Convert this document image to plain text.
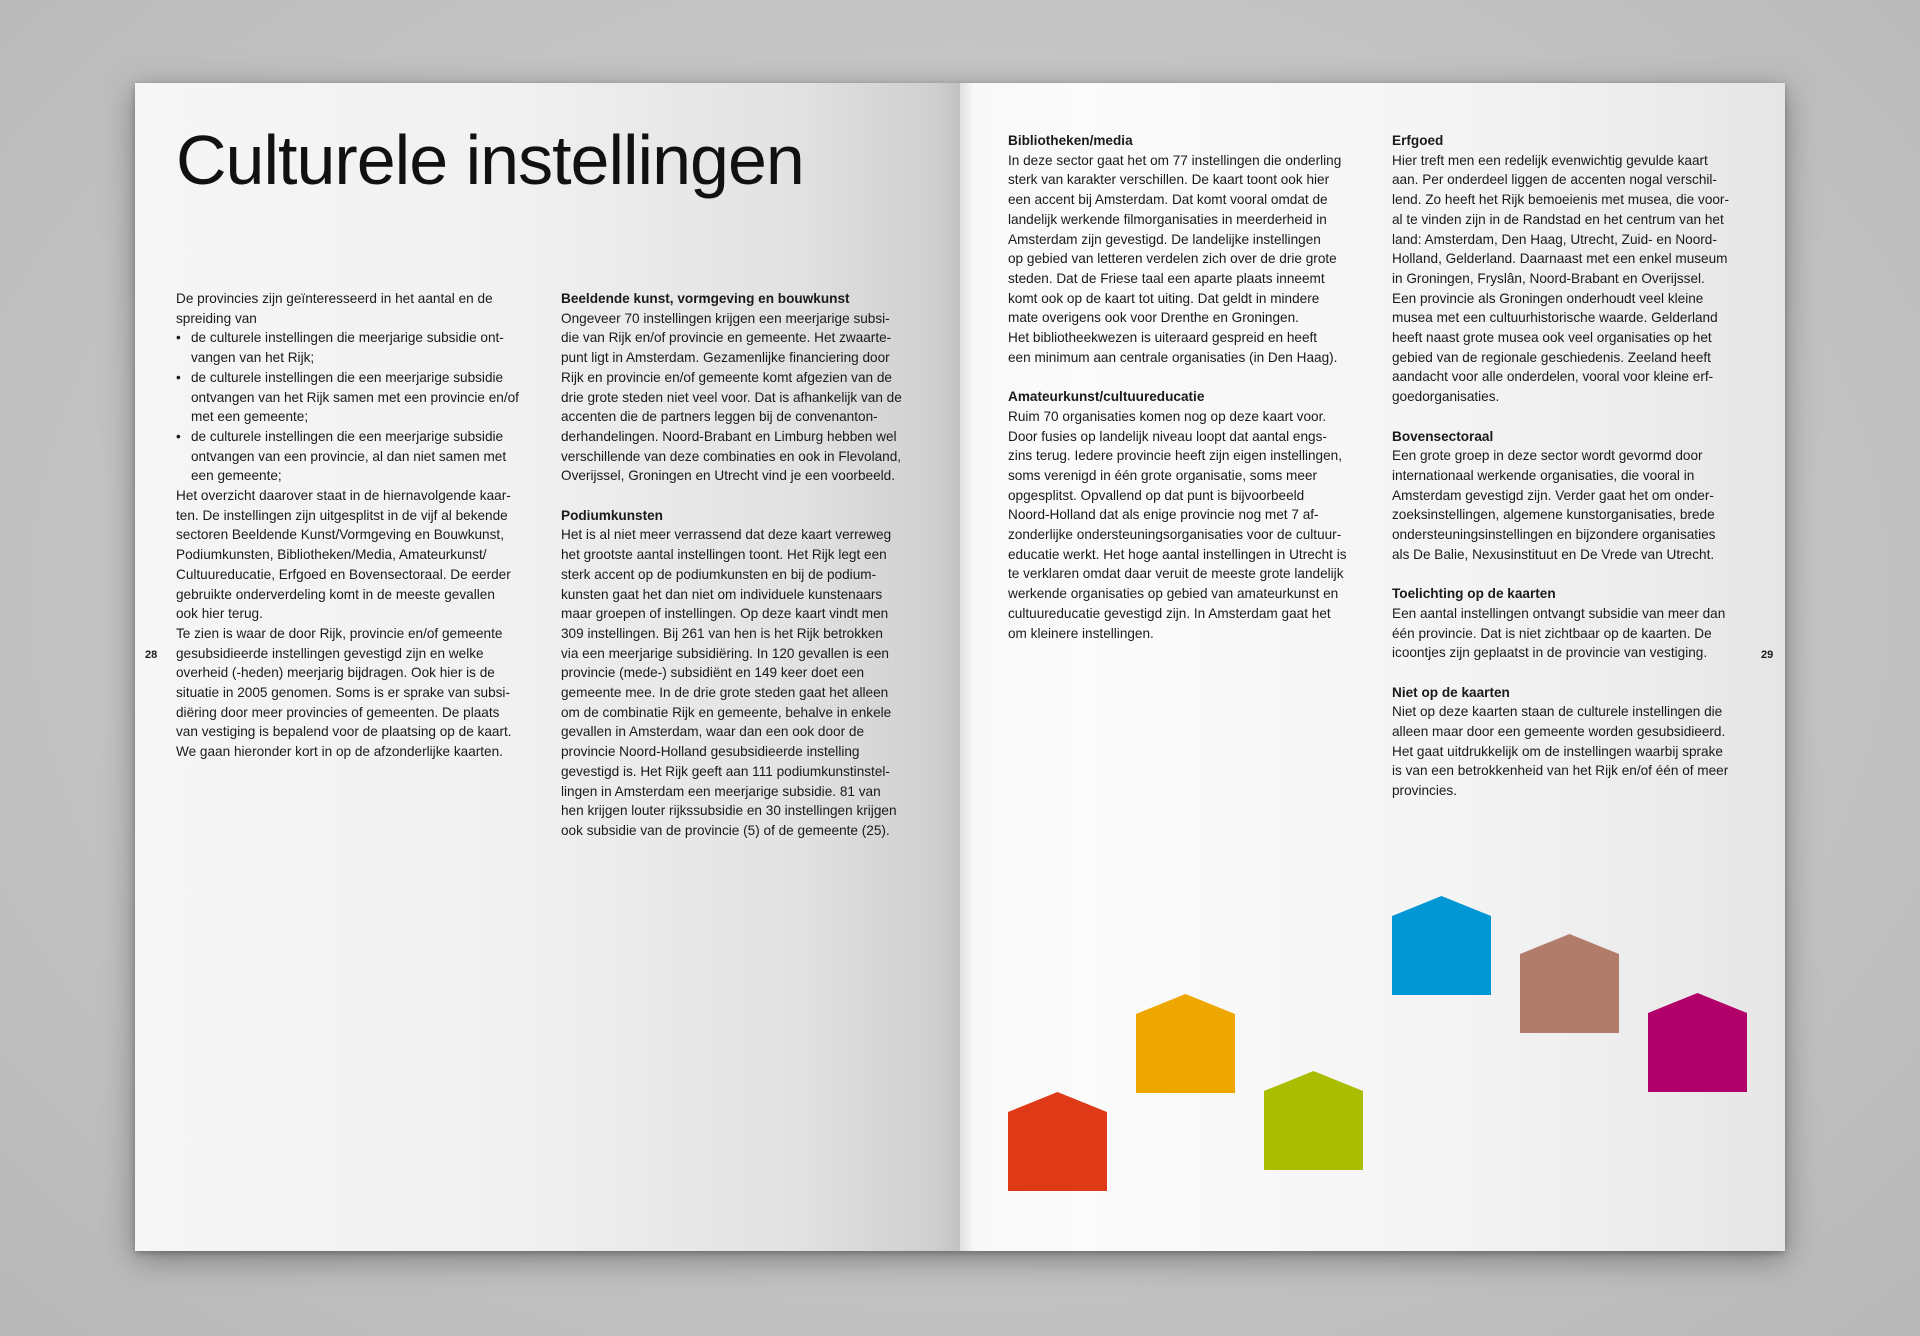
Culturele instellingen

De provincies zijn geïnteresseerd in het aantal en de

spreiding van

• de culturele instellingen die meerjarige subsidie ont-

vangen van het Rijk;

• de culturele instellingen die een meerjarige subsidie

ontvangen van het Rijk samen met een provincie en/of

met een gemeente;

• de culturele instellingen die een meerjarige subsidie

ontvangen van een provincie, al dan niet samen met

een gemeente;

Het overzicht daarover staat in de hiernavolgende kaar-

ten. De instellingen zijn uitgesplitst in de vijf al bekende

sectoren Beeldende Kunst/Vormgeving en Bouwkunst,

Podiumkunsten, Bibliotheken/Media, Amateurkunst/

Cultuureducatie, Erfgoed en Bovensectoraal. De eerder

gebruikte onderverdeling komt in de meeste gevallen

ook hier terug.

Te zien is waar de door Rijk, provincie en/of gemeente

gesubsidieerde instellingen gevestigd zijn en welke

overheid (-heden) meerjarig bijdragen. Ook hier is de

situatie in 2005 genomen. Soms is er sprake van subsi-

diëring door meer provincies of gemeenten. De plaats

van vestiging is bepalend voor de plaatsing op de kaart.

We gaan hieronder kort in op de afzonderlijke kaarten.

Beeldende kunst, vormgeving en bouwkunst

Ongeveer 70 instellingen krijgen een meerjarige subsi-

die van Rijk en/of provincie en gemeente. Het zwaarte-

punt ligt in Amsterdam. Gezamenlijke financiering door

Rijk en provincie en/of gemeente komt afgezien van de

drie grote steden niet veel voor. Dat is afhankelijk van de

accenten die de partners leggen bij de convenanton-

derhandelingen. Noord-Brabant en Limburg hebben wel

verschillende van deze combinaties en ook in Flevoland,

Overijssel, Groningen en Utrecht vind je een voorbeeld.

Podiumkunsten

Het is al niet meer verrassend dat deze kaart verreweg

het grootste aantal instellingen toont. Het Rijk legt een

sterk accent op de podiumkunsten en bij de podium-

kunsten gaat het dan niet om individuele kunstenaars

maar groepen of instellingen. Op deze kaart vindt men

309 instellingen. Bij 261 van hen is het Rijk betrokken

via een meerjarige subsidiëring. In 120 gevallen is een

provincie (mede-) subsidiënt en 149 keer doet een

gemeente mee. In de drie grote steden gaat het alleen

om de combinatie Rijk en gemeente, behalve in enkele

gevallen in Amsterdam, waar dan een ook door de

provincie Noord-Holland gesubsidieerde instelling

gevestigd is. Het Rijk geeft aan 111 podiumkunstinstel-

lingen in Amsterdam een meerjarige subsidie. 81 van

hen krijgen louter rijkssubsidie en 30 instellingen krijgen

ook subsidie van de provincie (5) of de gemeente (25).

28
Bibliotheken/media

In deze sector gaat het om 77 instellingen die onderling

sterk van karakter verschillen. De kaart toont ook hier

een accent bij Amsterdam. Dat komt vooral omdat de

landelijk werkende filmorganisaties in meerderheid in

Amsterdam zijn gevestigd. De landelijke instellingen

op gebied van letteren verdelen zich over de drie grote

steden. Dat de Friese taal een aparte plaats inneemt

komt ook op de kaart tot uiting. Dat geldt in mindere

mate overigens ook voor Drenthe en Groningen.

Het bibliotheekwezen is uiteraard gespreid en heeft

een minimum aan centrale organisaties (in Den Haag).

Amateurkunst/cultuureducatie

Ruim 70 organisaties komen nog op deze kaart voor.

Door fusies op landelijk niveau loopt dat aantal engs-

zins terug. Iedere provincie heeft zijn eigen instellingen,

soms verenigd in één grote organisatie, soms meer

opgesplitst. Opvallend op dat punt is bijvoorbeeld

Noord-Holland dat als enige provincie nog met 7 af-

zonderlijke ondersteuningsorganisaties voor de cultuur-

educatie werkt. Het hoge aantal instellingen in Utrecht is

te verklaren omdat daar veruit de meeste grote landelijk

werkende organisaties op gebied van amateurkunst en

cultuureducatie gevestigd zijn. In Amsterdam gaat het

om kleinere instellingen.

Erfgoed

Hier treft men een redelijk evenwichtig gevulde kaart

aan. Per onderdeel liggen de accenten nogal verschil-

lend. Zo heeft het Rijk bemoeienis met musea, die voor-

al te vinden zijn in de Randstad en het centrum van het

land: Amsterdam, Den Haag, Utrecht, Zuid- en Noord-

Holland, Gelderland. Daarnaast met een enkel museum

in Groningen, Fryslân, Noord-Brabant en Overijssel.

Een provincie als Groningen onderhoudt veel kleine

musea met een cultuurhistorische waarde. Gelderland

heeft naast grote musea ook veel organisaties op het

gebied van de regionale geschiedenis. Zeeland heeft

aandacht voor alle onderdelen, vooral voor kleine erf-

goedorganisaties.

Bovensectoraal

Een grote groep in deze sector wordt gevormd door

internationaal werkende organisaties, die vooral in

Amsterdam gevestigd zijn. Verder gaat het om onder-

zoeksinstellingen, algemene kunstorganisaties, brede

ondersteuningsinstellingen en bijzondere organisaties

als De Balie, Nexusinstituut en De Vrede van Utrecht.

Toelichting op de kaarten

Een aantal instellingen ontvangt subsidie van meer dan

één provincie. Dat is niet zichtbaar op de kaarten. De

icoontjes zijn geplaatst in de provincie van vestiging.

Niet op de kaarten

Niet op deze kaarten staan de culturele instellingen die

alleen maar door een gemeente worden gesubsidieerd.

Het gaat uitdrukkelijk om de instellingen waarbij sprake

is van een betrokkenheid van het Rijk en/of één of meer

provincies.

29
